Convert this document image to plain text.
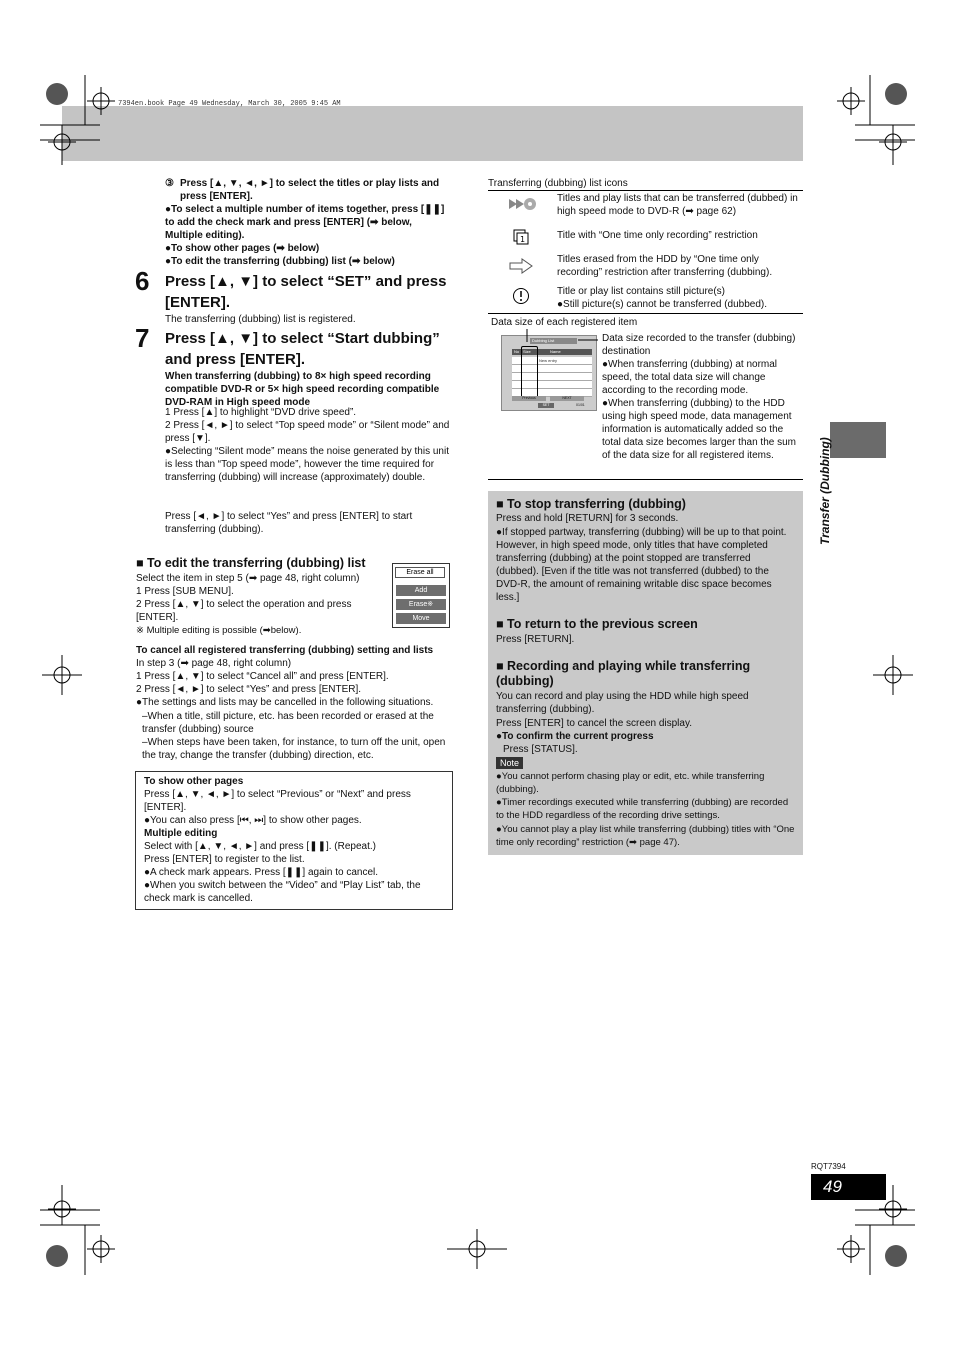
7394en.book Page 49 Wednesday, March 30, 2005 9:45 AM
Transfer (Dubbing)
③ Press [▲, ▼, ◄, ►] to select the titles or play lists and press [ENTER].
●To select a multiple number of items together, press [❚❚] to add the check mark and press [ENTER] (➡ below, Multiple editing).
●To show other pages (➡ below)
●To edit the transferring (dubbing) list (➡ below)
6 Press [▲, ▼] to select “SET” and press [ENTER].
The transferring (dubbing) list is registered.
7 Press [▲, ▼] to select “Start dubbing” and press [ENTER].
When transferring (dubbing) to 8× high speed recording compatible DVD-R or 5× high speed recording compatible DVD-RAM in High speed mode
1 Press [▲] to highlight “DVD drive speed”.
2 Press [◄, ►] to select “Top speed mode” or “Silent mode” and press [▼].
●Selecting “Silent mode” means the noise generated by this unit is less than “Top speed mode”, however the time required for transferring (dubbing) will increase (approximately) double.
Press [◄, ►] to select “Yes” and press [ENTER] to start transferring (dubbing).
■ To edit the transferring (dubbing) list
Select the item in step 5 (➡ page 48, right column)
1 Press [SUB MENU].
2 Press [▲, ▼] to select the operation and press [ENTER].
※ Multiple editing is possible (➡below).
Erase all
Add
Erase※
Move
To cancel all registered transferring (dubbing) setting and lists
In step 3 (➡ page 48, right column)
1 Press [▲, ▼] to select “Cancel all” and press [ENTER].
2 Press [◄, ►] to select “Yes” and press [ENTER].
●The settings and lists may be cancelled in the following situations.
–When a title, still picture, etc. has been recorded or erased at the transfer (dubbing) source
–When steps have been taken, for instance, to turn off the unit, open the tray, change the transfer (dubbing) direction, etc.
To show other pages
Press [▲, ▼, ◄, ►] to select “Previous” or “Next” and press [ENTER].
●You can also press [⏮, ⏭] to show other pages.
Multiple editing
Select with [▲, ▼, ◄, ►] and press [❚❚]. (Repeat.)
Press [ENTER] to register to the list.
●A check mark appears. Press [❚❚] again to cancel.
●When you switch between the “Video” and “Play List” tab, the check mark is cancelled.
Transferring (dubbing) list icons
Titles and play lists that can be transferred (dubbed) in high speed mode to DVD-R (➡ page 62)
1	Title with “One time only recording” restriction
Titles erased from the HDD by “One time only recording” restriction after transferring (dubbing).
Title or play list contains still picture(s)
●Still picture(s) cannot be transferred (dubbed).
Data size of each registered item
Dubbing List
No Size	Name
New entry
Previous	NEXT
SET	01/01
Data size recorded to the transfer (dubbing) destination
●When transferring (dubbing) at normal speed, the total data size will change according to the recording mode.
●When transferring (dubbing) to the HDD using high speed mode, data management information is automatically added so the total data size becomes larger than the sum of the data size for all registered items.
■ To stop transferring (dubbing)
Press and hold [RETURN] for 3 seconds.
●If stopped partway, transferring (dubbing) will be up to that point. However, in high speed mode, only titles that have completed transferring (dubbing) at the point stopped are transferred (dubbed). [Even if the title was not transferred (dubbed) to the DVD-R, the amount of remaining writable disc space becomes less.]
■ To return to the previous screen
Press [RETURN].
■ Recording and playing while transferring (dubbing)
You can record and play using the HDD while high speed transferring (dubbing).
Press [ENTER] to cancel the screen display.
●To confirm the current progress
Press [STATUS].
Note
●You cannot perform chasing play or edit, etc. while transferring (dubbing).
●Timer recordings executed while transferring (dubbing) are recorded to the HDD regardless of the recording drive settings.
●You cannot play a play list while transferring (dubbing) titles with “One time only recording” restriction (➡ page 47).
RQT7394
49
